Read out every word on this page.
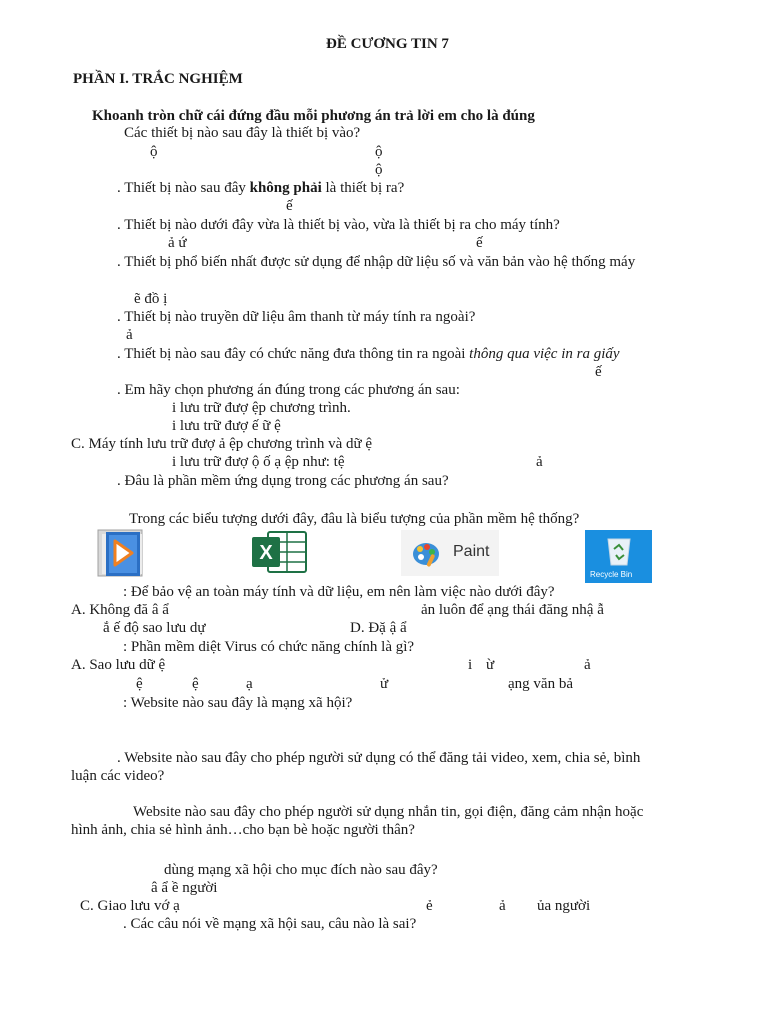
ĐỀ CƯƠNG TIN 7
PHẦN I. TRẮC NGHIỆM
Khoanh tròn chữ cái đứng đầu mỗi phương án trả lời em cho là đúng
Các thiết bị nào sau đây là thiết bị vào?
ộ	ộ
ộ
. Thiết bị nào sau đây không phải là thiết bị ra?
ế
. Thiết bị nào dưới đây vừa là thiết bị vào, vừa là thiết bị ra cho máy tính?
ả ứ	ế
. Thiết bị phổ biến nhất được sử dụng để nhập dữ liệu số và văn bản vào hệ thống máy
ẽ đồ ị
. Thiết bị nào truyền dữ liệu âm thanh từ máy tính ra ngoài?
ả
. Thiết bị nào sau đây có chức năng đưa thông tin ra ngoài thông qua việc in ra giấy
ế
. Em hãy chọn phương án đúng trong các phương án sau:
i lưu trữ đượ ệp chương trình.
i lưu trữ đượ ế ữ ệ
C. Máy tính lưu trữ đượ ả ệp chương trình và dữ ệ
i lưu trữ đượ ộ ố ạ ệp như: tệ	ả
. Đâu là phần mềm ứng dụng trong các phương án sau?
Trong các biểu tượng dưới đây, đâu là biểu tượng của phần mềm hệ thống?
X	Paint
Recycle Bin
: Để bảo vệ an toàn máy tính và dữ liệu, em nên làm việc nào dưới đây?
A. Không đă â ẩ	ản luôn để ạng thái đăng nhậ ẫ
ắ ế độ sao lưu dự	D. Đặ ậ ẩ
: Phần mềm diệt Virus có chức năng chính là gì?
A. Sao lưu dữ ệ	i ừ	ả
ệ	ệ	ạ	ử	ạng văn bả
: Website nào sau đây là mạng xã hội?
. Website nào sau đây cho phép người sử dụng có thể đăng tải video, xem, chia sẻ, bình
luận các video?
Website nào sau đây cho phép người sử dụng nhắn tin, gọi điện, đăng cảm nhận hoặc
hình ảnh, chia sẻ hình ảnh…cho bạn bè hoặc người thân?
dùng mạng xã hội cho mục đích nào sau đây?
â ẩ ề người
C. Giao lưu vớ ạ	ẻ	ả ủa người
. Các câu nói về mạng xã hội sau, câu nào là sai?
